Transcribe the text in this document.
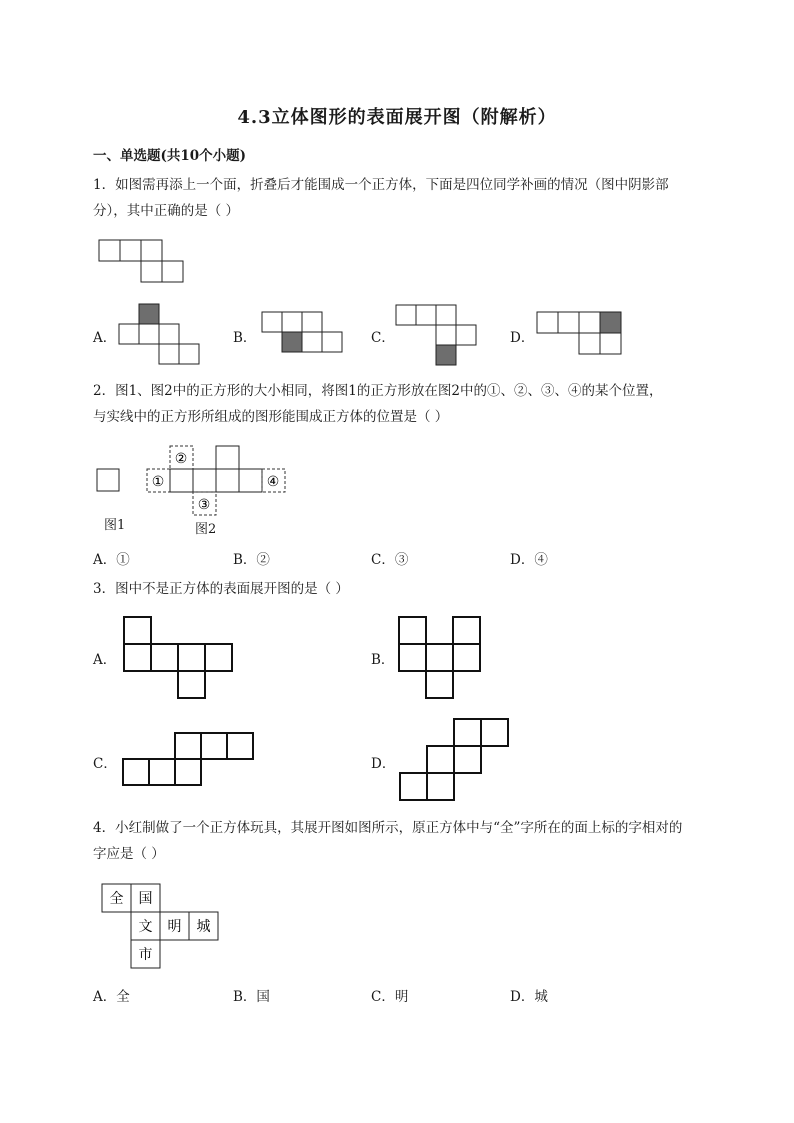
4.3立体图形的表面展开图（附解析）
一、单选题(共10个小题)
1．如图需再添上一个面，折叠后才能围成一个正方体，下面是四位同学补画的情况（图中阴影部
分），其中正确的是（ ）
①
②
③
④
全 国
文 明 城
市
A．	B．	C．	D．
2．图1、图2中的正方形的大小相同，将图1的正方形放在图2中的①、②、③、④的某个位置，
与实线中的正方形所组成的图形能围成正方体的位置是（ ）
图1	图2
A．①	B．②	C．③	D．④
3．图中不是正方体的表面展开图的是（ ）
A．	B．
C．	D．
4．小红制做了一个正方体玩具，其展开图如图所示，原正方体中与“全”字所在的面上标的字相对的
字应是（ ）
A．全	B．国	C．明	D．城
